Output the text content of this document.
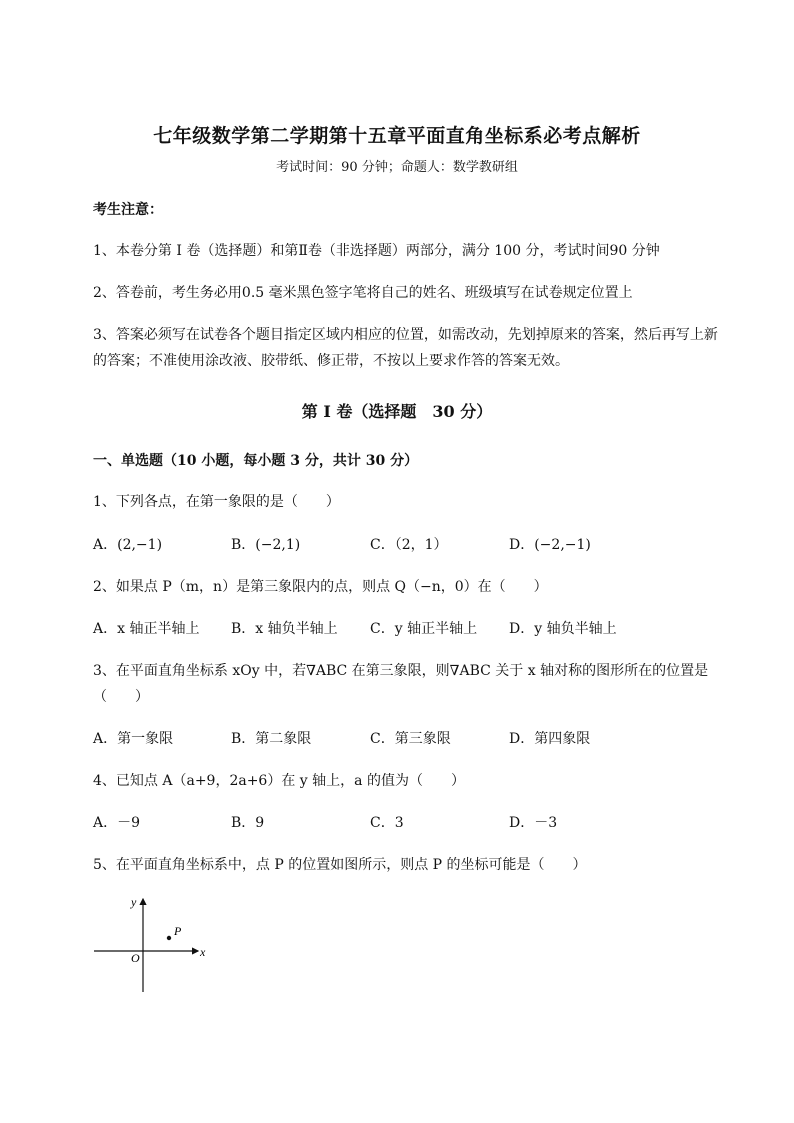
七年级数学第二学期第十五章平面直角坐标系必考点解析
考试时间：90 分钟；命题人：数学教研组
考生注意：
1、本卷分第 I 卷（选择题）和第Ⅱ卷（非选择题）两部分，满分 100 分，考试时间90 分钟
2、答卷前，考生务必用0.5 毫米黑色签字笔将自己的姓名、班级填写在试卷规定位置上
3、答案必须写在试卷各个题目指定区域内相应的位置，如需改动，先划掉原来的答案，然后再写上新
的答案；不准使用涂改液、胶带纸、修正带，不按以上要求作答的答案无效。
第 I 卷（选择题　30 分）
一、单选题（10 小题，每小题 3 分，共计 30 分）
1、下列各点，在第一象限的是（　　）
A．(2,−1)	B．(−2,1)	C．（2，1）	D．(−2,−1)
2、如果点 P（m，n）是第三象限内的点，则点 Q（−n，0）在（　　）
A．x 轴正半轴上 B．x 轴负半轴上 C．y 轴正半轴上 D．y 轴负半轴上
3、在平面直角坐标系 xOy 中，若∇ABC 在第三象限，则∇ABC 关于 x 轴对称的图形所在的位置是
（　　）
A．第一象限	B．第二象限	C．第三象限	D．第四象限
4、已知点 A（a+9，2a+6）在 y 轴上，a 的值为（　　）
A．－9	B．9	C．3	D．－3
5、在平面直角坐标系中，点 P 的位置如图所示，则点 P 的坐标可能是（　　）
y
x
O
P
